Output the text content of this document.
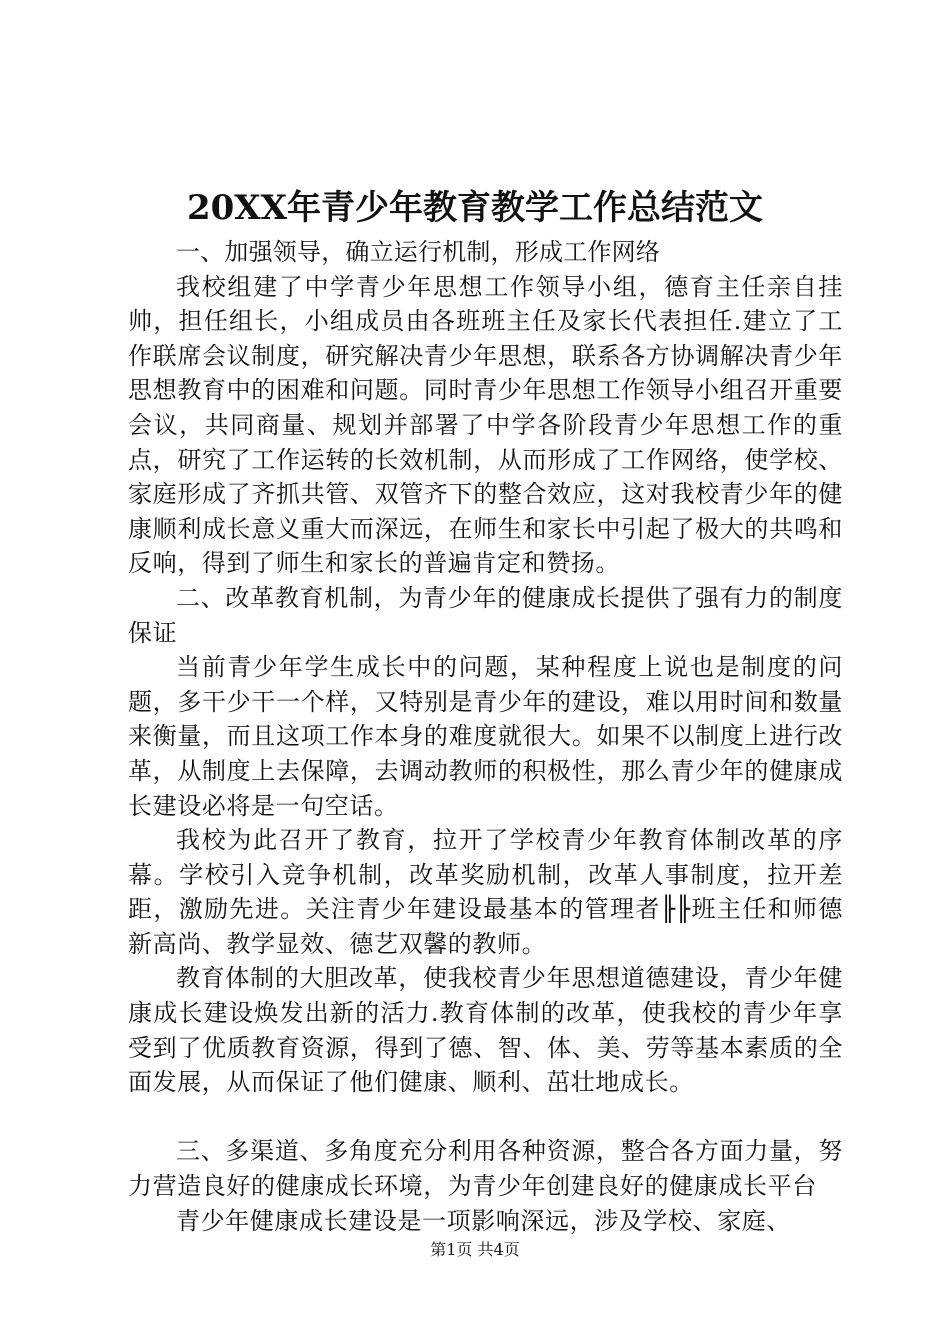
20XX年青少年教育教学工作总结范文

一、加强领导，确立运行机制，形成工作网络

我校组建了中学青少年思想工作领导小组，德育主任亲自挂帅，担任组长，小组成员由各班班主任及家长代表担任.建立了工作联席会议制度，研究解决青少年思想，联系各方协调解决青少年思想教育中的困难和问题。同时青少年思想工作领导小组召开重要会议，共同商量、规划并部署了中学各阶段青少年思想工作的重点，研究了工作运转的长效机制，从而形成了工作网络，使学校、家庭形成了齐抓共管、双管齐下的整合效应，这对我校青少年的健康顺利成长意义重大而深远，在师生和家长中引起了极大的共鸣和反响，得到了师生和家长的普遍肯定和赞扬。

二、改革教育机制，为青少年的健康成长提供了强有力的制度保证

当前青少年学生成长中的问题，某种程度上说也是制度的问题，多干少干一个样，又特别是青少年的建设，难以用时间和数量来衡量，而且这项工作本身的难度就很大。如果不以制度上进行改革，从制度上去保障，去调动教师的积极性，那么青少年的健康成长建设必将是一句空话。

我校为此召开了教育，拉开了学校青少年教育体制改革的序幕。学校引入竞争机制，改革奖励机制，改革人事制度，拉开差距，激励先进。关注青少年建设最基本的管理者╟╟班主任和师德新高尚、教学显效、德艺双馨的教师。

教育体制的大胆改革，使我校青少年思想道德建设，青少年健康成长建设焕发出新的活力.教育体制的改革，使我校的青少年享受到了优质教育资源，得到了德、智、体、美、劳等基本素质的全面发展，从而保证了他们健康、顺利、茁壮地成长。

三、多渠道、多角度充分利用各种资源，整合各方面力量，努力营造良好的健康成长环境，为青少年创建良好的健康成长平台

青少年健康成长建设是一项影响深远，涉及学校、家庭、

第1页 共4页
